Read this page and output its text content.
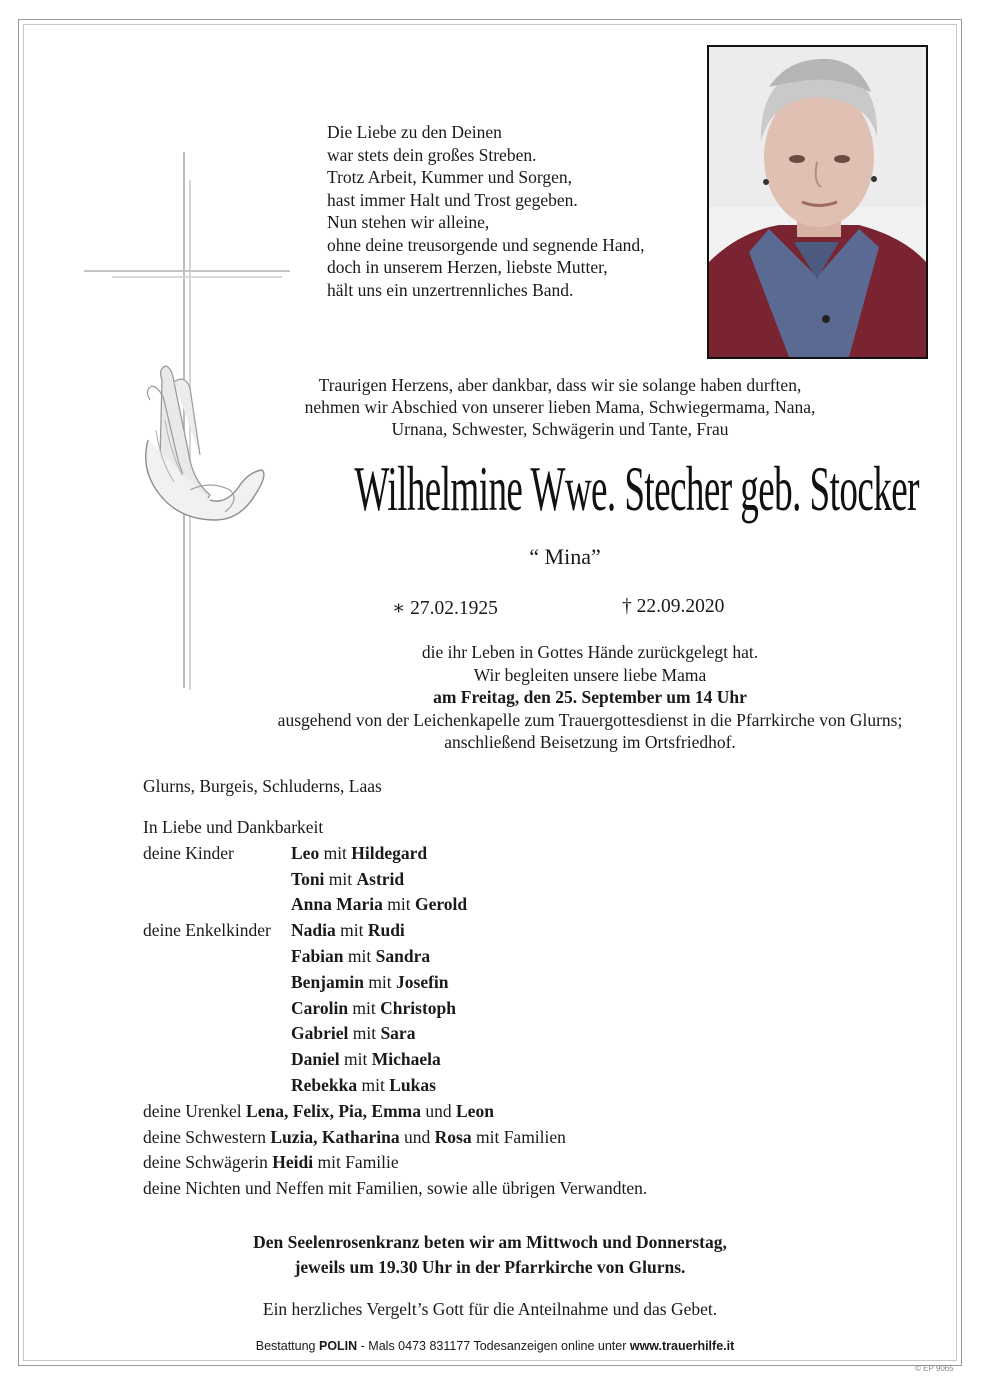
Die Liebe zu den Deinen
war stets dein großes Streben.
Trotz Arbeit, Kummer und Sorgen,
hast immer Halt und Trost gegeben.
Nun stehen wir alleine,
ohne deine treusorgende und segnende Hand,
doch in unserem Herzen, liebste Mutter,
hält uns ein unzertrennliches Band.
Traurigen Herzens, aber dankbar, dass wir sie solange haben durften,
nehmen wir Abschied von unserer lieben Mama, Schwiegermama, Nana,
Urnana, Schwester, Schwägerin und Tante, Frau
Wilhelmine Wwe. Stecher geb. Stocker
“ Mina”
∗ 27.02.1925	† 22.09.2020
die ihr Leben in Gottes Hände zurückgelegt hat.
Wir begleiten unsere liebe Mama
am Freitag, den 25. September um 14 Uhr
ausgehend von der Leichenkapelle zum Trauergottesdienst in die Pfarrkirche von Glurns;
anschließend Beisetzung im Ortsfriedhof.
Glurns, Burgeis, Schluderns, Laas
In Liebe und Dankbarkeit
deine Kinder	Leo mit Hildegard
Toni mit Astrid
Anna Maria mit Gerold
deine Enkelkinder Nadia mit Rudi
Fabian mit Sandra
Benjamin mit Josefin
Carolin mit Christoph
Gabriel mit Sara
Daniel mit Michaela
Rebekka mit Lukas
deine Urenkel Lena, Felix, Pia, Emma und Leon
deine Schwestern Luzia, Katharina und Rosa mit Familien
deine Schwägerin Heidi mit Familie
deine Nichten und Neffen mit Familien, sowie alle übrigen Verwandten.
Den Seelenrosenkranz beten wir am Mittwoch und Donnerstag,
jeweils um 19.30 Uhr in der Pfarrkirche von Glurns.
Ein herzliches Vergelt’s Gott für die Anteilnahme und das Gebet.
Bestattung POLIN - Mals 0473 831177 Todesanzeigen online unter www.trauerhilfe.it
© EP 9065
